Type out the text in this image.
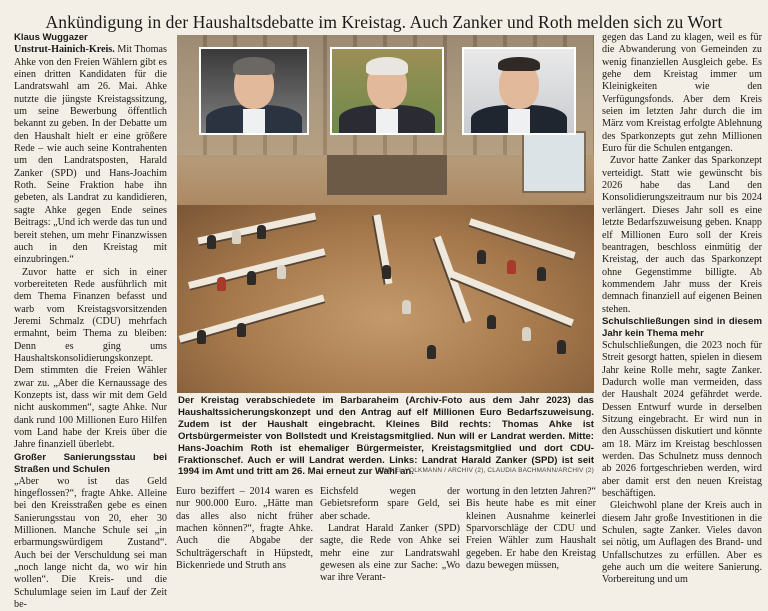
Ankündigung in der Haushaltsdebatte im Kreistag. Auch Zanker und Roth melden sich zu Wort

Klaus Wuggazer

Unstrut-Hainich-Kreis. Mit Thomas Ahke von den Freien Wählern gibt es einen dritten Kandidaten für die Landratswahl am 26. Mai. Ahke nutzte die jüngste Kreistagssitzung, um seine Bewerbung öffentlich bekannt zu geben. In der Debatte um den Haushalt hielt er eine größere Rede – wie auch seine Kontrahenten um den Landratsposten, Harald Zanker (SPD) und Hans-Joachim Roth. Seine Fraktion habe ihn gebeten, als Landrat zu kandidieren, sagte Ahke gegen Ende seines Beitrags: „Und ich werde das tun und bereit stehen, um mehr Finanzwissen auch in den Kreistag mit einzubringen.“

Zuvor hatte er sich in einer vorbereiteten Rede ausführlich mit dem Thema Finanzen befasst und warb vom Kreistagsvorsitzenden Jeremi Schmalz (CDU) mehrfach ermahnt, beim Thema zu bleiben: Denn es ging ums Haushaltskonsolidierungskonzept. Dem stimmten die Freien Wähler zwar zu. „Aber die Kernaussage des Konzepts ist, dass wir mit dem Geld nicht auskommen“, sagte Ahke. Nur dank rund 100 Millionen Euro Hilfen vom Land habe der Kreis über die Jahre finanziell überlebt.

Großer Sanierungsstau bei Straßen und Schulen

„Aber wo ist das Geld hingeflossen?“, fragte Ahke. Alleine bei den Kreisstraßen gebe es einen Sanierungsstau von 20, eher 30 Millionen. Manche Schule sei „in erbarmungswürdigem Zustand“. Auch bei der Verschuldung sei man „noch lange nicht da, wo wir hin wollen“. Die Kreis- und die Schulumlage seien im Lauf der Zeit be-

Der Kreistag verabschiedete im Barbaraheim (Archiv-Foto aus dem Jahr 2023) das Haushaltssicherungskonzept und den Antrag auf elf Millionen Euro Bedarfszuweisung. Zudem ist der Haushalt eingebracht. Kleines Bild rechts: Thomas Ahke ist Ortsbürgermeister von Bollstedt und Kreistagsmitglied. Nun will er Landrat werden. Mitte: Hans-Joachim Roth ist ehemaliger Bürgermeister, Kreistagsmitglied und dort CDU-Fraktionschef. Auch er will Landrat werden. Links: Landrat Harald Zanker (SPD) ist seit 1994 im Amt und tritt am 26. Mai erneut zur Wahl an.
DANIEL VOLKMANN / ARCHIV (2), CLAUDIA BACHMANN/ARCHIV (2)

Euro beziffert – 2014 waren es nur 900.000 Euro. „Hätte man das alles also nicht früher machen können?“, fragte Ahke. Auch die Abgabe der Schulträgerschaft in Hüpstedt, Bickenriede und Struth ans

Eichsfeld wegen der Gebietsreform spare Geld, sei aber schade.

Landrat Harald Zanker (SPD) sagte, die Rede von Ahke sei mehr eine zur Landratswahl gewesen als eine zur Sache: „Wo war ihre Verant-

wortung in den letzten Jahren?“ Bis heute habe es mit einer kleinen Ausnahme keinerlei Sparvorschläge der CDU und Freien Wähler zum Haushalt gegeben. Er habe den Kreistag dazu bewegen müssen,

gegen das Land zu klagen, weil es für die Abwanderung von Gemeinden zu wenig finanziellen Ausgleich gebe. Es gehe dem Kreistag immer um Kleinigkeiten wie den Verfügungsfonds. Aber dem Kreis seien im letzten Jahr durch die im März vom Kreistag erfolgte Ablehnung des Sparkonzepts gut zehn Millionen Euro für die Schulen entgangen.

Zuvor hatte Zanker das Sparkonzept verteidigt. Statt wie gewünscht bis 2026 habe das Land den Konsolidierungszeitraum nur bis 2024 verlängert. Dieses Jahr soll es eine letzte Bedarfszuweisung geben. Knapp elf Millionen Euro soll der Kreis beantragen, beschloss einmütig der Kreistag, der auch das Sparkonzept ohne Gegenstimme billigte. Ab kommendem Jahr muss der Kreis demnach finanziell auf eigenen Beinen stehen.

Schulschließungen sind in diesem Jahr kein Thema mehr

Schulschließungen, die 2023 noch für Streit gesorgt hatten, spielen in diesem Jahr keine Rolle mehr, sagte Zanker. Dadurch wolle man vermeiden, dass der Haushalt 2024 gefährdet werde. Dessen Entwurf wurde in derselben Sitzung eingebracht. Er wird nun in den Ausschüssen diskutiert und könnte am 18. März im Kreistag beschlossen werden. Das Schulnetz muss dennoch ab 2026 fortgeschrieben werden, wird aber damit erst den neuen Kreistag beschäftigen.

Gleichwohl plane der Kreis auch in diesem Jahr große Investitionen in die Schulen, sagte Zanker. Vieles davon sei nötig, um Auflagen des Brand- und Unfallschutzes zu erfüllen. Aber es gehe auch um die weitere Sanierung. Vorbereitung und um
